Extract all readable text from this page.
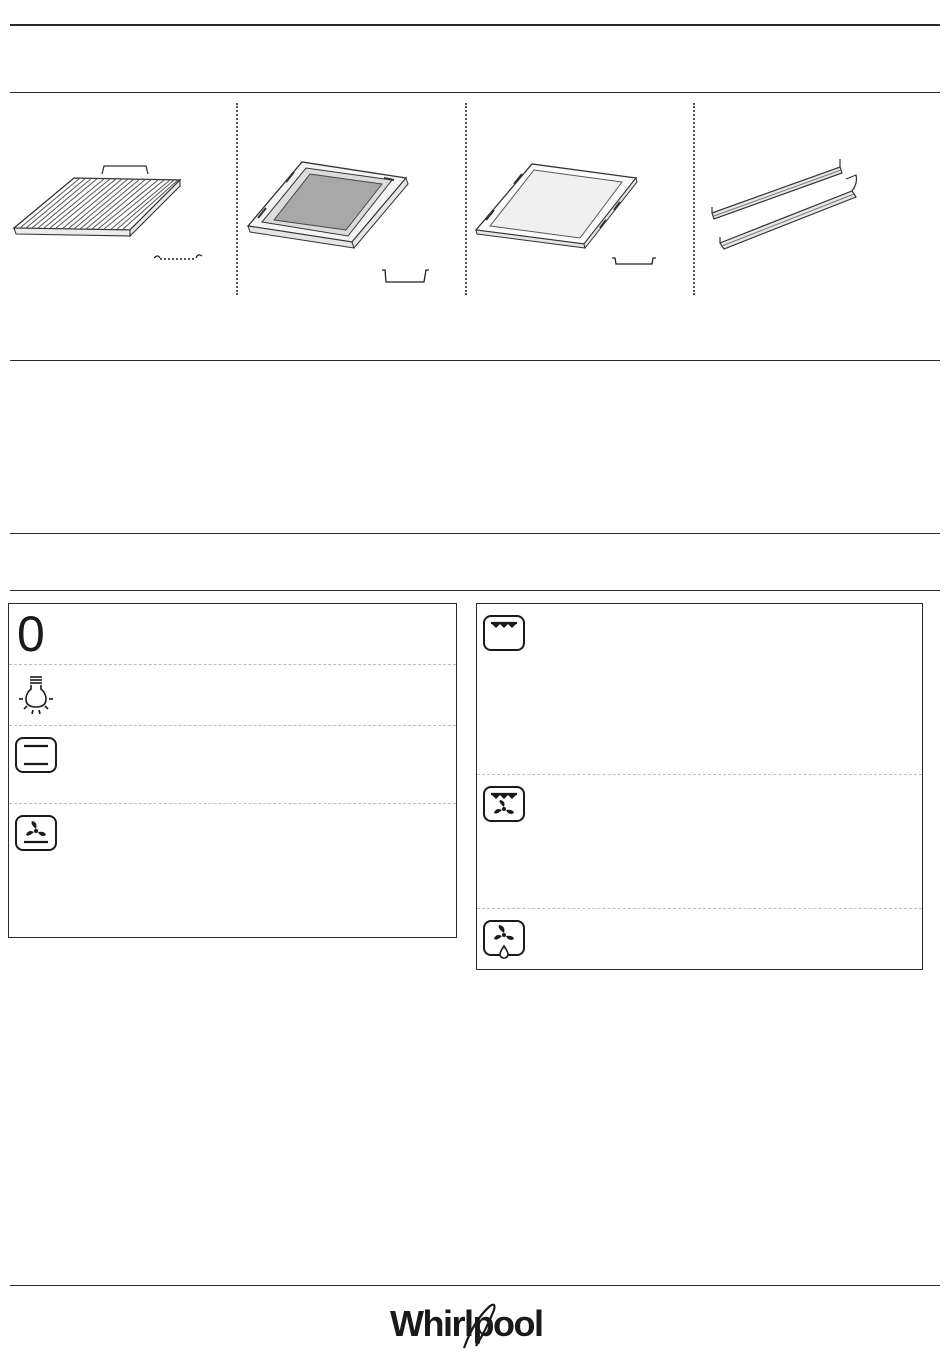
0
Whirlpool
